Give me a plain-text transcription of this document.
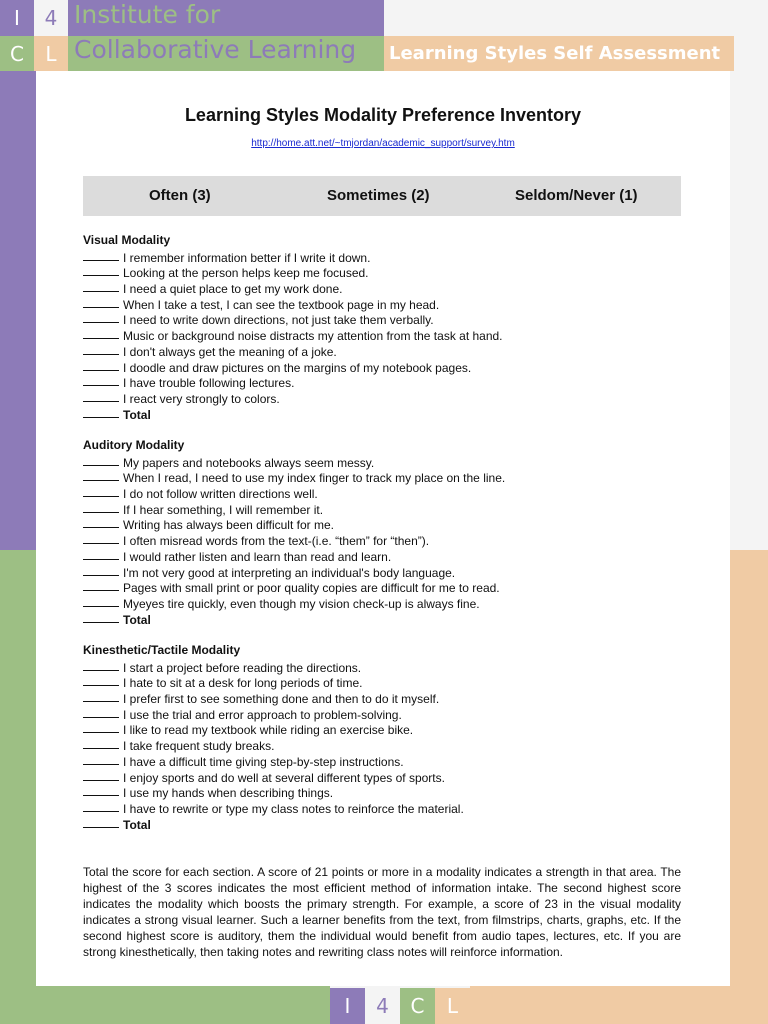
I	4
C	L
Institute for
Collaborative Learning	Learning Styles Self Assessment
Learning Styles Modality Preference Inventory
http://home.att.net/~tmjordan/academic_support/survey.htm
Often (3)	Sometimes (2)	Seldom/Never (1)
Visual Modality
I remember information better if I write it down.
Looking at the person helps keep me focused.
I need a quiet place to get my work done.
When I take a test, I can see the textbook page in my head.
I need to write down directions, not just take them verbally.
Music or background noise distracts my attention from the task at hand.
I don't always get the meaning of a joke.
I doodle and draw pictures on the margins of my notebook pages.
I have trouble following lectures.
I react very strongly to colors.
Total
Auditory Modality
My papers and notebooks always seem messy.
When I read, I need to use my index finger to track my place on the line.
I do not follow written directions well.
If I hear something, I will remember it.
Writing has always been difficult for me.
I often misread words from the text-(i.e. “them” for “then”).
I would rather listen and learn than read and learn.
I'm not very good at interpreting an individual's body language.
Pages with small print or poor quality copies are difficult for me to read.
Myeyes tire quickly, even though my vision check-up is always fine.
Total
Kinesthetic/Tactile Modality
I start a project before reading the directions.
I hate to sit at a desk for long periods of time.
I prefer first to see something done and then to do it myself.
I use the trial and error approach to problem-solving.
I like to read my textbook while riding an exercise bike.
I take frequent study breaks.
I have a difficult time giving step-by-step instructions.
I enjoy sports and do well at several different types of sports.
I use my hands when describing things.
I have to rewrite or type my class notes to reinforce the material.
Total
Total the score for each section. A score of 21 points or more in a modality indicates a strength in that area. The highest of the 3 scores indicates the most efficient method of information intake. The second highest score indicates the modality which boosts the primary strength. For example, a score of 23 in the visual modality indicates a strong visual learner. Such a learner benefits from the text, from filmstrips, charts, graphs, etc. If the second highest score is auditory, them the individual would benefit from audio tapes, lectures, etc. If you are strong kinesthetically, then taking notes and rewriting class notes will reinforce information.
I	4	C	L
